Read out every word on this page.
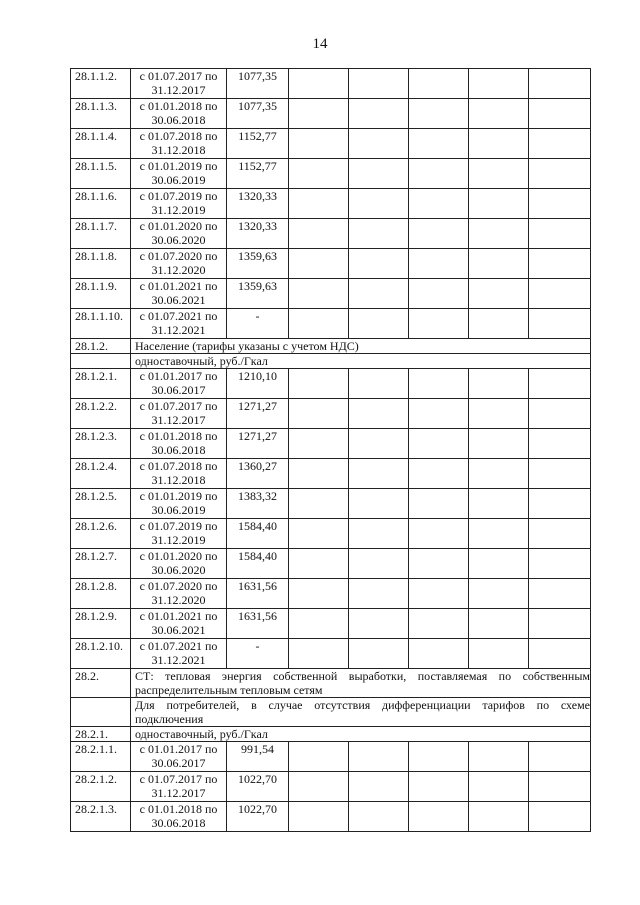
14
28.1.1.2.	с 01.07.2017 по
31.12.2017	1077,35					
28.1.1.3.	с 01.01.2018 по
30.06.2018	1077,35					
28.1.1.4.	с 01.07.2018 по
31.12.2018	1152,77					
28.1.1.5.	с 01.01.2019 по
30.06.2019	1152,77					
28.1.1.6.	с 01.07.2019 по
31.12.2019	1320,33					
28.1.1.7.	с 01.01.2020 по
30.06.2020	1320,33					
28.1.1.8.	с 01.07.2020 по
31.12.2020	1359,63					
28.1.1.9.	с 01.01.2021 по
30.06.2021	1359,63					
28.1.1.10.	с 01.07.2021 по
31.12.2021	-					
28.1.2.	Население (тарифы указаны с учетом НДС)						
	одноставочный, руб./Гкал						
28.1.2.1.	с 01.01.2017 по
30.06.2017	1210,10					
28.1.2.2.	с 01.07.2017 по
31.12.2017	1271,27					
28.1.2.3.	с 01.01.2018 по
30.06.2018	1271,27					
28.1.2.4.	с 01.07.2018 по
31.12.2018	1360,27					
28.1.2.5.	с 01.01.2019 по
30.06.2019	1383,32					
28.1.2.6.	с 01.07.2019 по
31.12.2019	1584,40					
28.1.2.7.	с 01.01.2020 по
30.06.2020	1584,40					
28.1.2.8.	с 01.07.2020 по
31.12.2020	1631,56					
28.1.2.9.	с 01.01.2021 по
30.06.2021	1631,56					
28.1.2.10.	с 01.07.2021 по
31.12.2021	-					
28.2.	СТ: тепловая энергия собственной выработки, поставляемая по собственным
распределительным тепловым сетям						

	Для потребителей, в случае отсутствия дифференциации тарифов по схеме
подключения						

28.2.1.	одноставочный, руб./Гкал						
28.2.1.1.	с 01.01.2017 по
30.06.2017	991,54					
28.2.1.2.	с 01.07.2017 по
31.12.2017	1022,70					
28.2.1.3.	с 01.01.2018 по
30.06.2018	1022,70					
